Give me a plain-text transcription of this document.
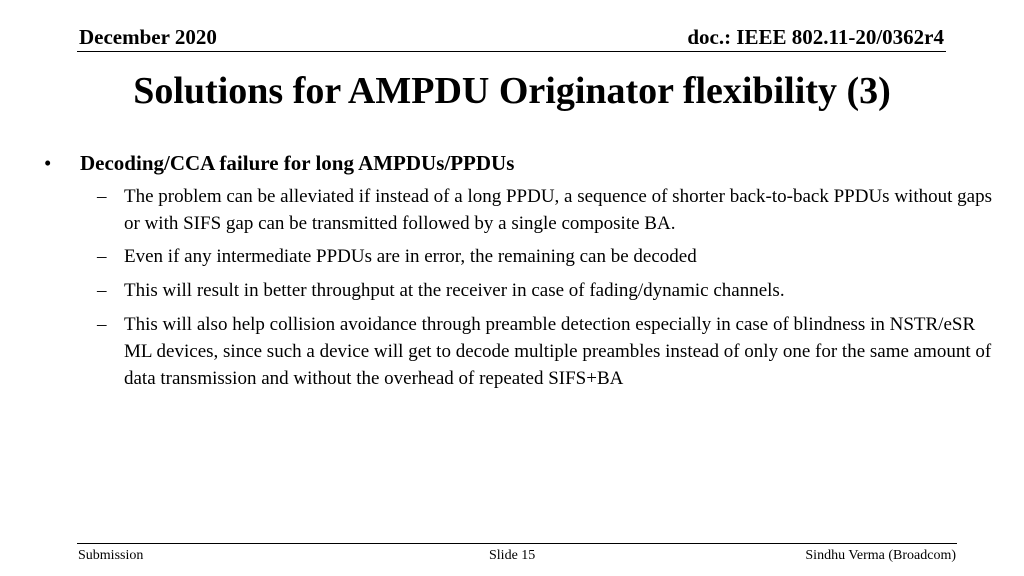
December 2020	doc.: IEEE 802.11-20/0362r4
Solutions for AMPDU Originator flexibility (3)
• Decoding/CCA failure for long AMPDUs/PPDUs
– The problem can be alleviated if instead of a long PPDU, a sequence of shorter back-to-back PPDUs without gaps or with SIFS gap can be transmitted followed by a single composite BA.
– Even if any intermediate PPDUs are in error, the remaining can be decoded
– This will result in better throughput at the receiver in case of fading/dynamic channels.
– This will also help collision avoidance through preamble detection especially in case of blindness in NSTR/eSR ML devices, since such a device will get to decode multiple preambles instead of only one for the same amount of data transmission and without the overhead of repeated SIFS+BA
Submission	Slide 15	Sindhu Verma (Broadcom)
